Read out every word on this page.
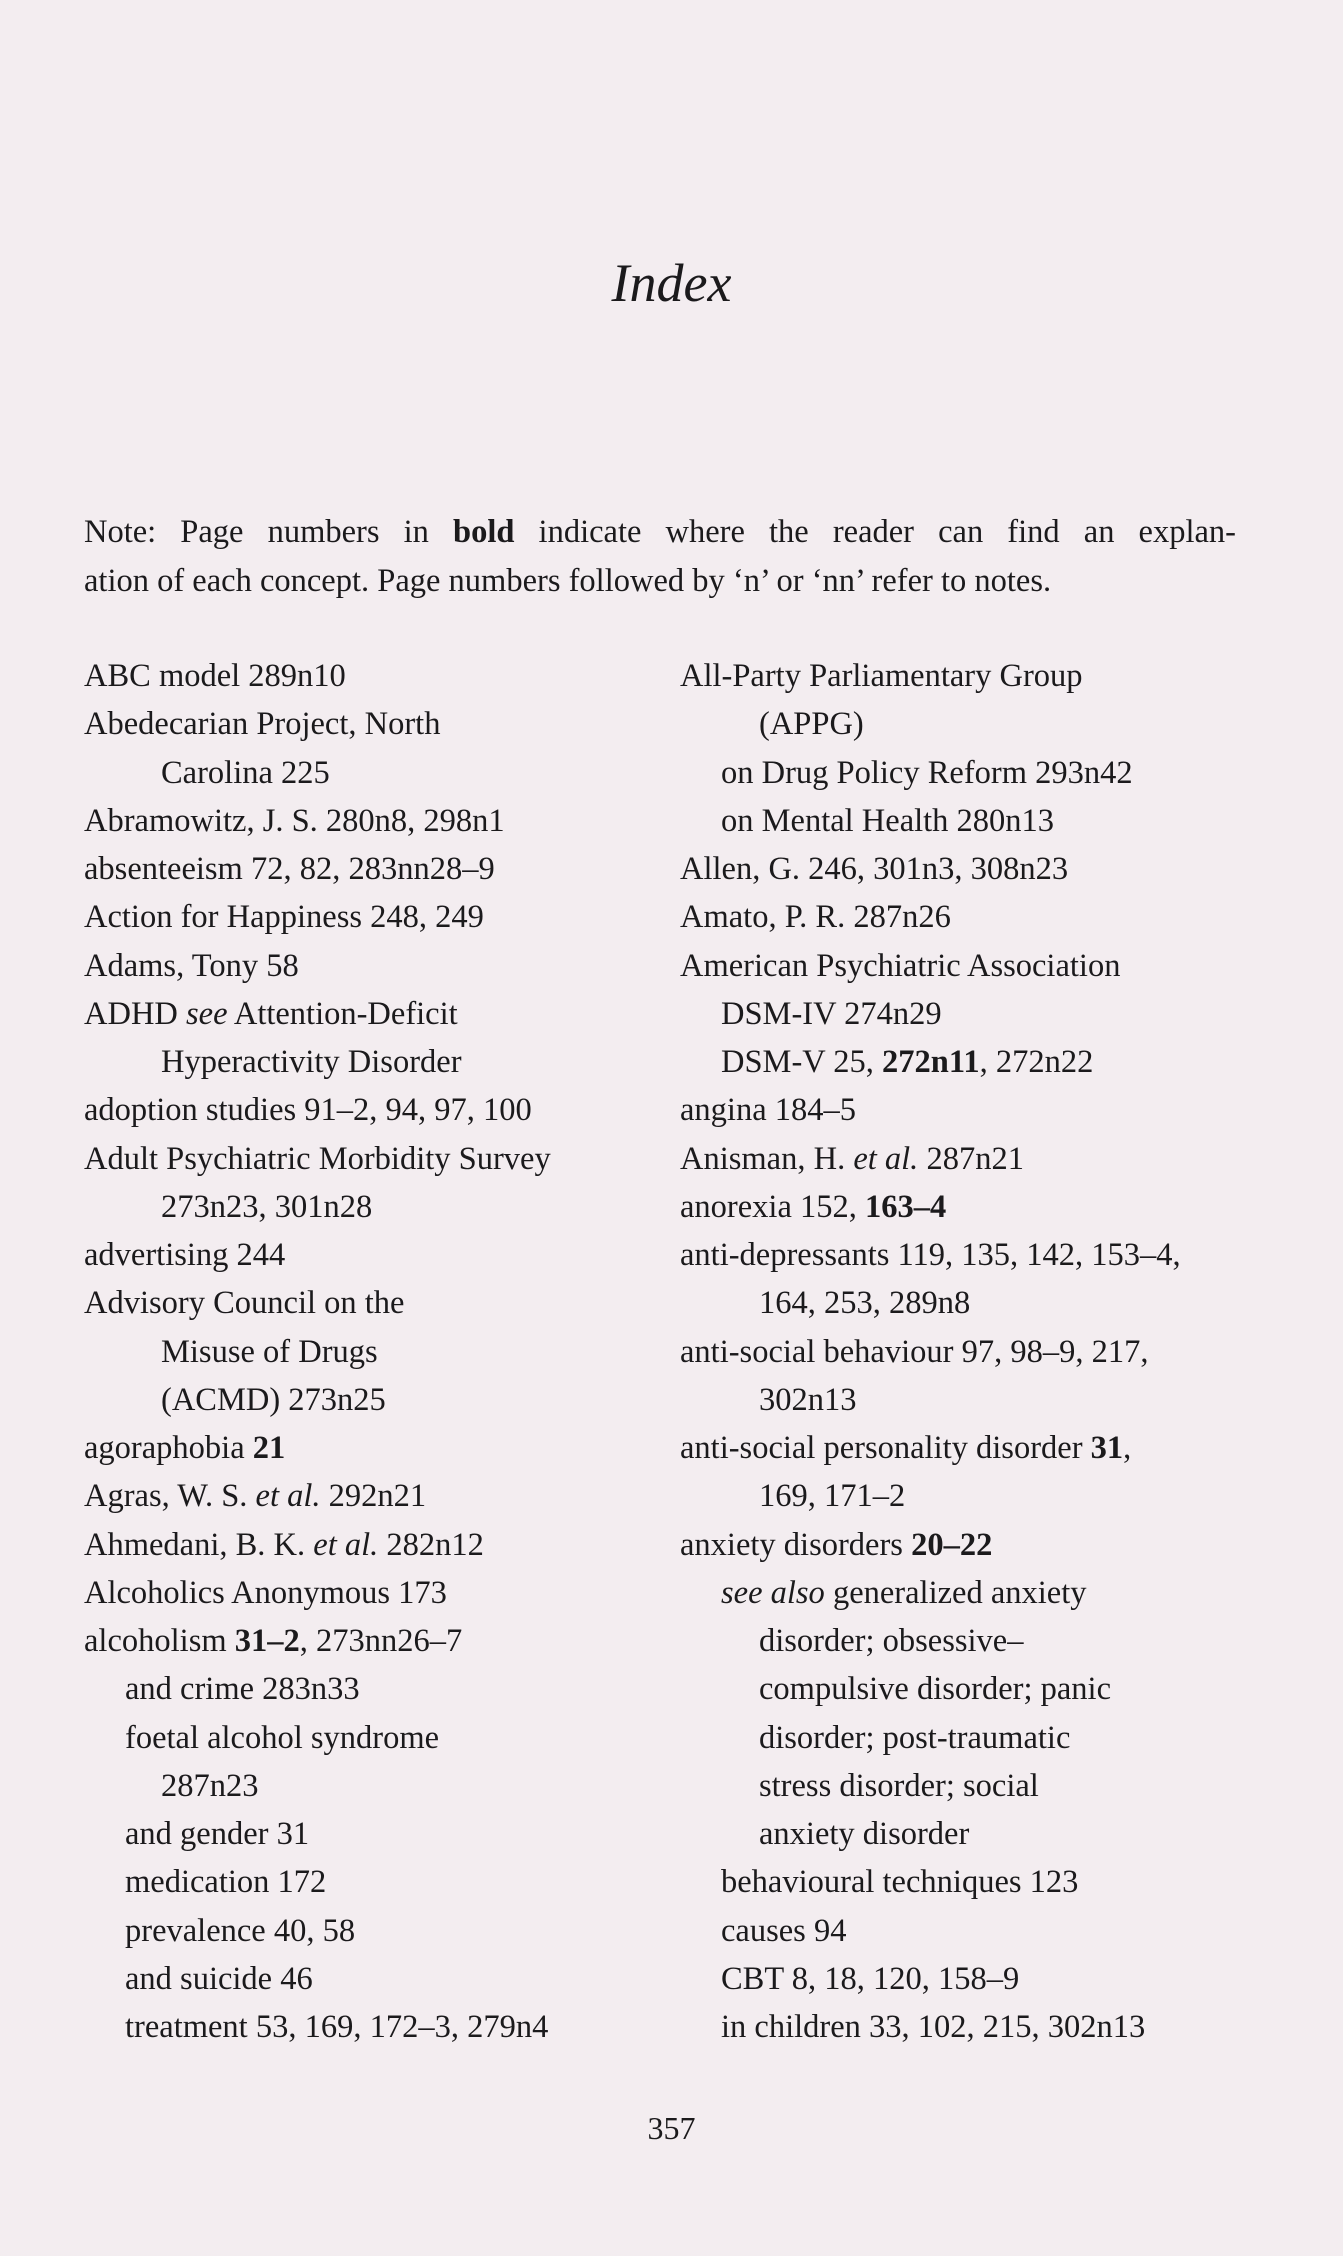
Index
Note: Page numbers in bold indicate where the reader can find an explan-
ation of each concept. Page numbers followed by ‘n’ or ‘nn’ refer to notes.
ABC model 289n10
Abedecarian Project, North
Carolina 225
Abramowitz, J. S. 280n8, 298n1
absenteeism 72, 82, 283nn28–9
Action for Happiness 248, 249
Adams, Tony 58
ADHD see Attention-Deficit
Hyperactivity Disorder
adoption studies 91–2, 94, 97, 100
Adult Psychiatric Morbidity Survey
273n23, 301n28
advertising 244
Advisory Council on the
Misuse of Drugs
(ACMD) 273n25
agoraphobia 21
Agras, W. S. et al. 292n21
Ahmedani, B. K. et al. 282n12
Alcoholics Anonymous 173
alcoholism 31–2, 273nn26–7
and crime 283n33
foetal alcohol syndrome
287n23
and gender 31
medication 172
prevalence 40, 58
and suicide 46
treatment 53, 169, 172–3, 279n4
All-Party Parliamentary Group
(APPG)
on Drug Policy Reform 293n42
on Mental Health 280n13
Allen, G. 246, 301n3, 308n23
Amato, P. R. 287n26
American Psychiatric Association
DSM-IV 274n29
DSM-V 25, 272n11, 272n22
angina 184–5
Anisman, H. et al. 287n21
anorexia 152, 163–4
anti-depressants 119, 135, 142, 153–4,
164, 253, 289n8
anti-social behaviour 97, 98–9, 217,
302n13
anti-social personality disorder 31,
169, 171–2
anxiety disorders 20–22
see also generalized anxiety
disorder; obsessive–
compulsive disorder; panic
disorder; post-traumatic
stress disorder; social
anxiety disorder
behavioural techniques 123
causes 94
CBT 8, 18, 120, 158–9
in children 33, 102, 215, 302n13
357
